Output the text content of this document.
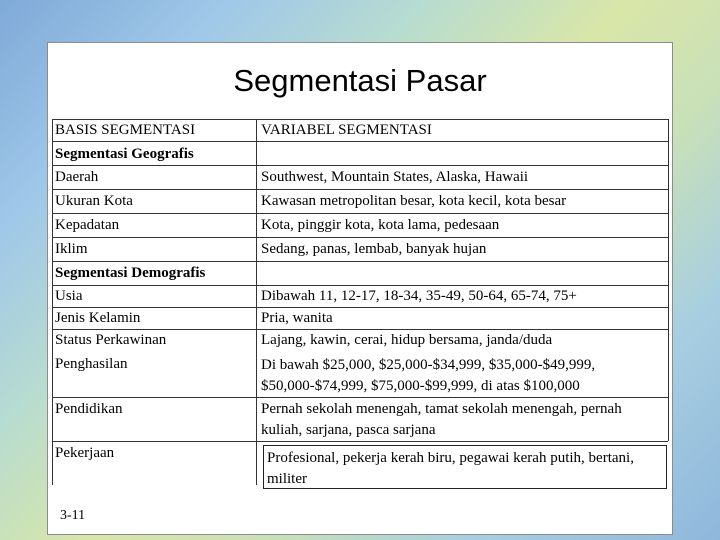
Segmentasi Pasar
BASIS SEGMENTASI	VARIABEL SEGMENTASI
Segmentasi Geografis
Daerah	Southwest, Mountain States, Alaska, Hawaii
Ukuran Kota	Kawasan metropolitan besar, kota kecil, kota besar
Kepadatan	Kota, pinggir kota, kota lama, pedesaan
Iklim	Sedang, panas, lembab, banyak hujan
Segmentasi Demografis
Usia	Dibawah 11, 12-17, 18-34, 35-49, 50-64, 65-74, 75+
Jenis Kelamin	Pria, wanita
Status Perkawinan	Lajang, kawin, cerai, hidup bersama, janda/duda
Penghasilan	Di bawah $25,000, $25,000-$34,999, $35,000-$49,999, $50,000-$74,999, $75,000-$99,999, di atas $100,000
Pendidikan	Pernah sekolah menengah, tamat sekolah menengah, pernah kuliah, sarjana, pasca sarjana
Pekerjaan	Profesional, pekerja kerah biru, pegawai kerah putih, bertani, militer
3-11
